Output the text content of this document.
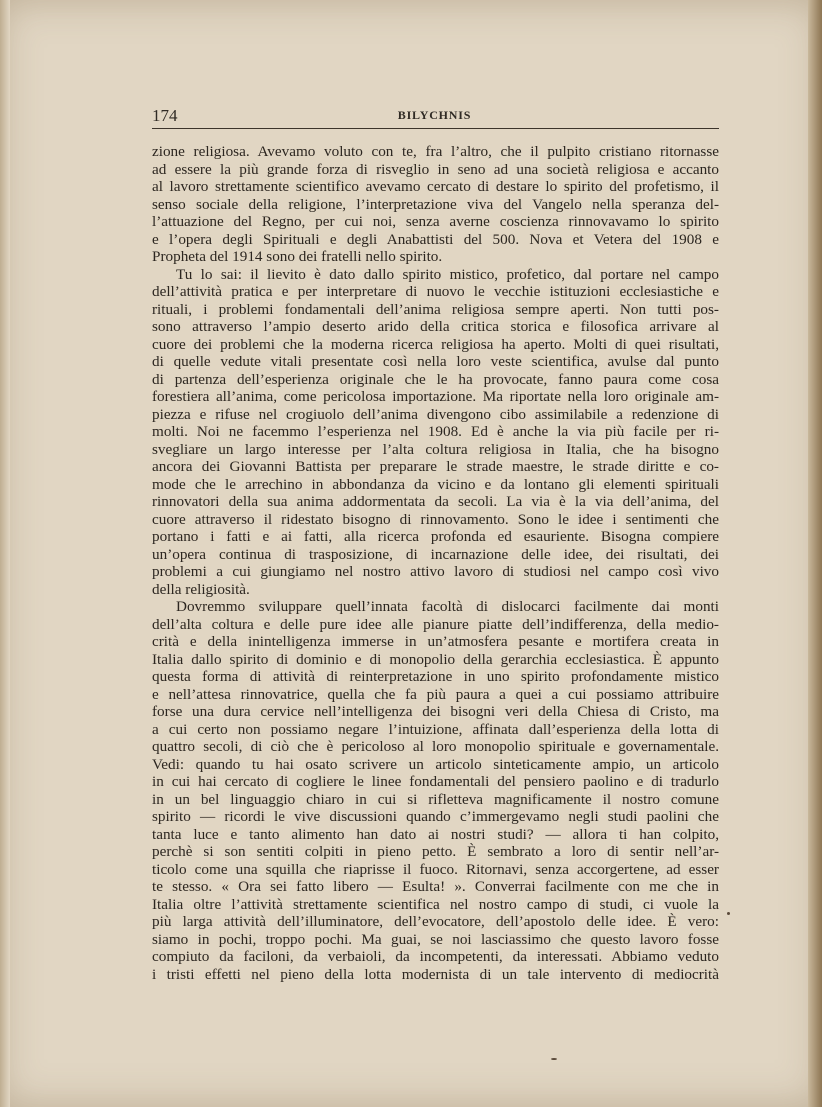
174	BILYCHNIS
zione religiosa. Avevamo voluto con te, fra l’altro, che il pulpito cristiano ritornasse
ad essere la più grande forza di risveglio in seno ad una società religiosa e accanto
al lavoro strettamente scientifico avevamo cercato di destare lo spirito del profetismo, il
senso sociale della religione, l’interpretazione viva del Vangelo nella speranza del-
l’attuazione del Regno, per cui noi, senza averne coscienza rinnovavamo lo spirito
e l’opera degli Spirituali e degli Anabattisti del 500. Nova et Vetera del 1908 e
Propheta del 1914 sono dei fratelli nello spirito.
Tu lo sai: il lievito è dato dallo spirito mistico, profetico, dal portare nel campo
dell’attività pratica e per interpretare di nuovo le vecchie istituzioni ecclesiastiche e
rituali, i problemi fondamentali dell’anima religiosa sempre aperti. Non tutti pos-
sono attraverso l’ampio deserto arido della critica storica e filosofica arrivare al
cuore dei problemi che la moderna ricerca religiosa ha aperto. Molti di quei risultati,
di quelle vedute vitali presentate così nella loro veste scientifica, avulse dal punto
di partenza dell’esperienza originale che le ha provocate, fanno paura come cosa
forestiera all’anima, come pericolosa importazione. Ma riportate nella loro originale am-
piezza e rifuse nel crogiuolo dell’anima divengono cibo assimilabile a redenzione di
molti. Noi ne facemmo l’esperienza nel 1908. Ed è anche la via più facile per ri-
svegliare un largo interesse per l’alta coltura religiosa in Italia, che ha bisogno
ancora dei Giovanni Battista per preparare le strade maestre, le strade diritte e co-
mode che le arrechino in abbondanza da vicino e da lontano gli elementi spirituali
rinnovatori della sua anima addormentata da secoli. La via è la via dell’anima, del
cuore attraverso il ridestato bisogno di rinnovamento. Sono le idee i sentimenti che
portano i fatti e ai fatti, alla ricerca profonda ed esauriente. Bisogna compiere
un’opera continua di trasposizione, di incarnazione delle idee, dei risultati, dei
problemi a cui giungiamo nel nostro attivo lavoro di studiosi nel campo così vivo
della religiosità.
Dovremmo sviluppare quell’innata facoltà di dislocarci facilmente dai monti
dell’alta coltura e delle pure idee alle pianure piatte dell’indifferenza, della medio-
crità e della inintelligenza immerse in un’atmosfera pesante e mortifera creata in
Italia dallo spirito di dominio e di monopolio della gerarchia ecclesiastica. È appunto
questa forma di attività di reinterpretazione in uno spirito profondamente mistico
e nell’attesa rinnovatrice, quella che fa più paura a quei a cui possiamo attribuire
forse una dura cervice nell’intelligenza dei bisogni veri della Chiesa di Cristo, ma
a cui certo non possiamo negare l’intuizione, affinata dall’esperienza della lotta di
quattro secoli, di ciò che è pericoloso al loro monopolio spirituale e governamentale.
Vedi: quando tu hai osato scrivere un articolo sinteticamente ampio, un articolo
in cui hai cercato di cogliere le linee fondamentali del pensiero paolino e di tradurlo
in un bel linguaggio chiaro in cui si rifletteva magnificamente il nostro comune
spirito — ricordi le vive discussioni quando c’immergevamo negli studi paolini che
tanta luce e tanto alimento han dato ai nostri studi? — allora ti han colpito,
perchè si son sentiti colpiti in pieno petto. È sembrato a loro di sentir nell’ar-
ticolo come una squilla che riaprisse il fuoco. Ritornavi, senza accorgertene, ad esser
te stesso. « Ora sei fatto libero — Esulta! ». Converrai facilmente con me che in
Italia oltre l’attività strettamente scientifica nel nostro campo di studi, ci vuole la
più larga attività dell’illuminatore, dell’evocatore, dell’apostolo delle idee. È vero:
siamo in pochi, troppo pochi. Ma guai, se noi lasciassimo che questo lavoro fosse
compiuto da faciloni, da verbaioli, da incompetenti, da interessati. Abbiamo veduto
i tristi effetti nel pieno della lotta modernista di un tale intervento di mediocrità
